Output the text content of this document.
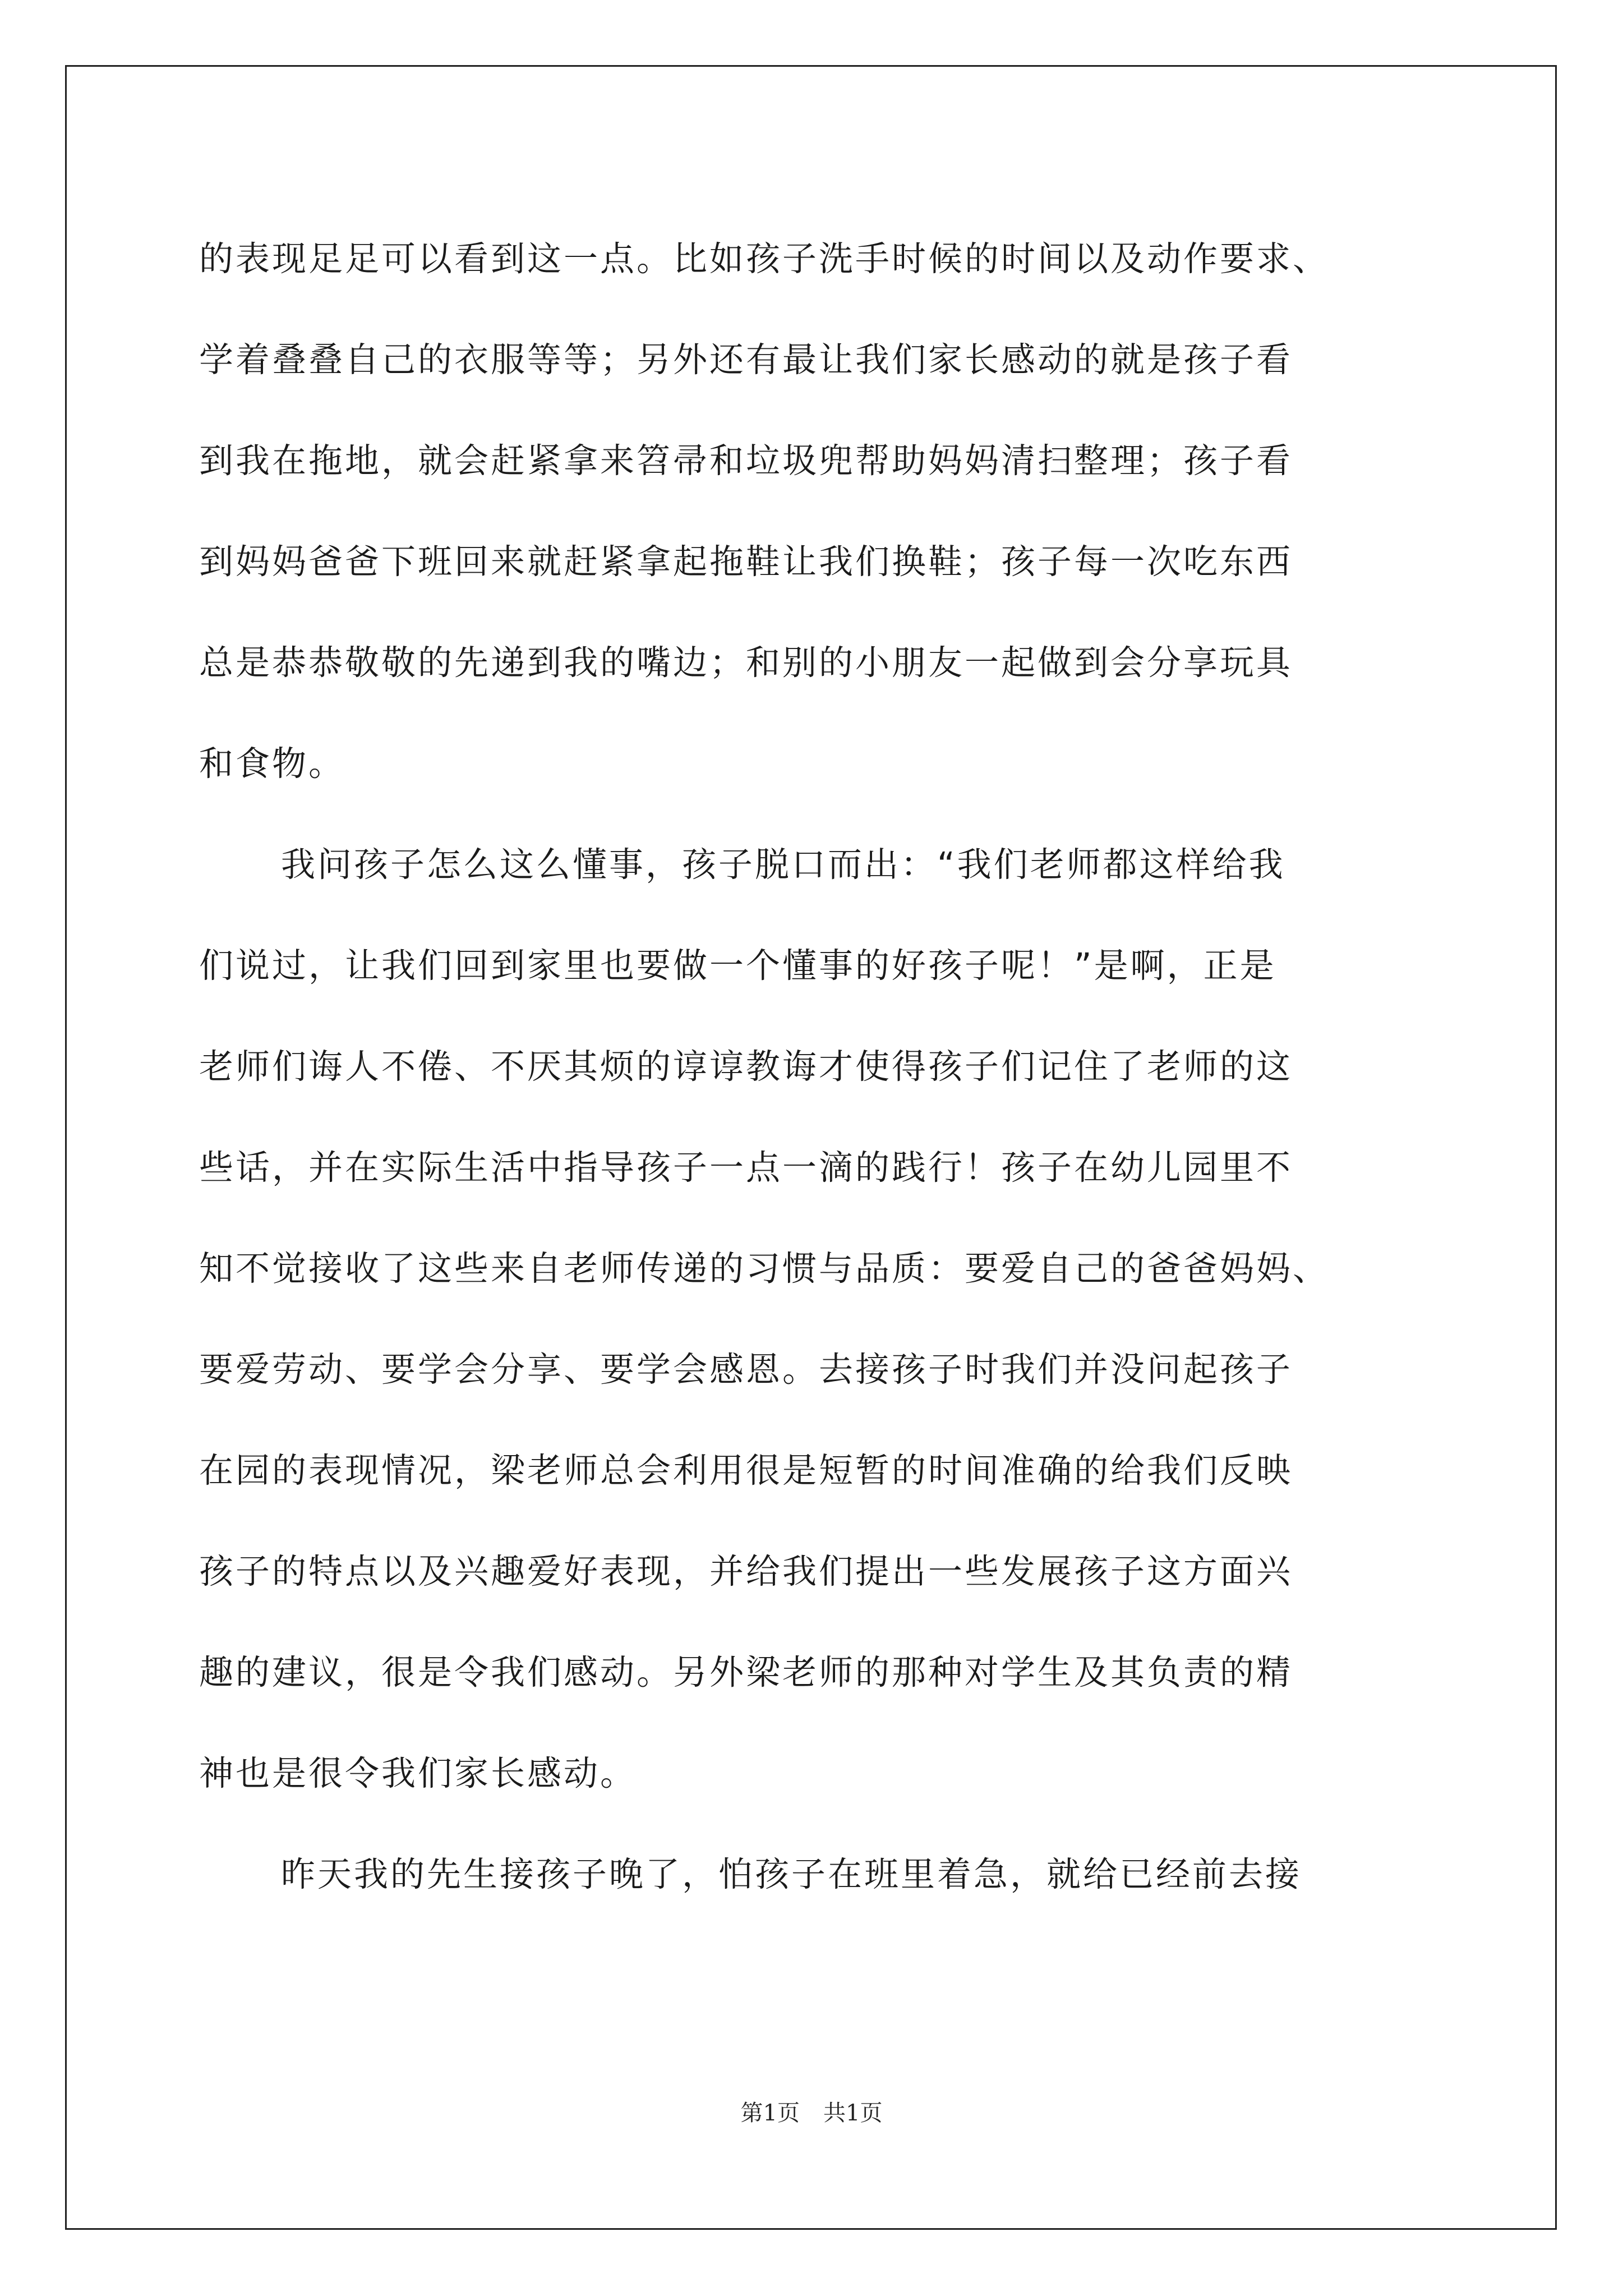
的表现足足可以看到这一点。比如孩子洗手时候的时间以及动作要求、
学着叠叠自己的衣服等等；另外还有最让我们家长感动的就是孩子看
到我在拖地，就会赶紧拿来笤帚和垃圾兜帮助妈妈清扫整理；孩子看
到妈妈爸爸下班回来就赶紧拿起拖鞋让我们换鞋；孩子每一次吃东西
总是恭恭敬敬的先递到我的嘴边；和别的小朋友一起做到会分享玩具
和食物。
我问孩子怎么这么懂事，孩子脱口而出：“我们老师都这样给我
们说过，让我们回到家里也要做一个懂事的好孩子呢！”是啊，正是
老师们诲人不倦、不厌其烦的谆谆教诲才使得孩子们记住了老师的这
些话，并在实际生活中指导孩子一点一滴的践行！孩子在幼儿园里不
知不觉接收了这些来自老师传递的习惯与品质：要爱自己的爸爸妈妈、
要爱劳动、要学会分享、要学会感恩。去接孩子时我们并没问起孩子
在园的表现情况，梁老师总会利用很是短暂的时间准确的给我们反映
孩子的特点以及兴趣爱好表现，并给我们提出一些发展孩子这方面兴
趣的建议，很是令我们感动。另外梁老师的那种对学生及其负责的精
神也是很令我们家长感动。
昨天我的先生接孩子晚了，怕孩子在班里着急，就给已经前去接
第1页 共1页
